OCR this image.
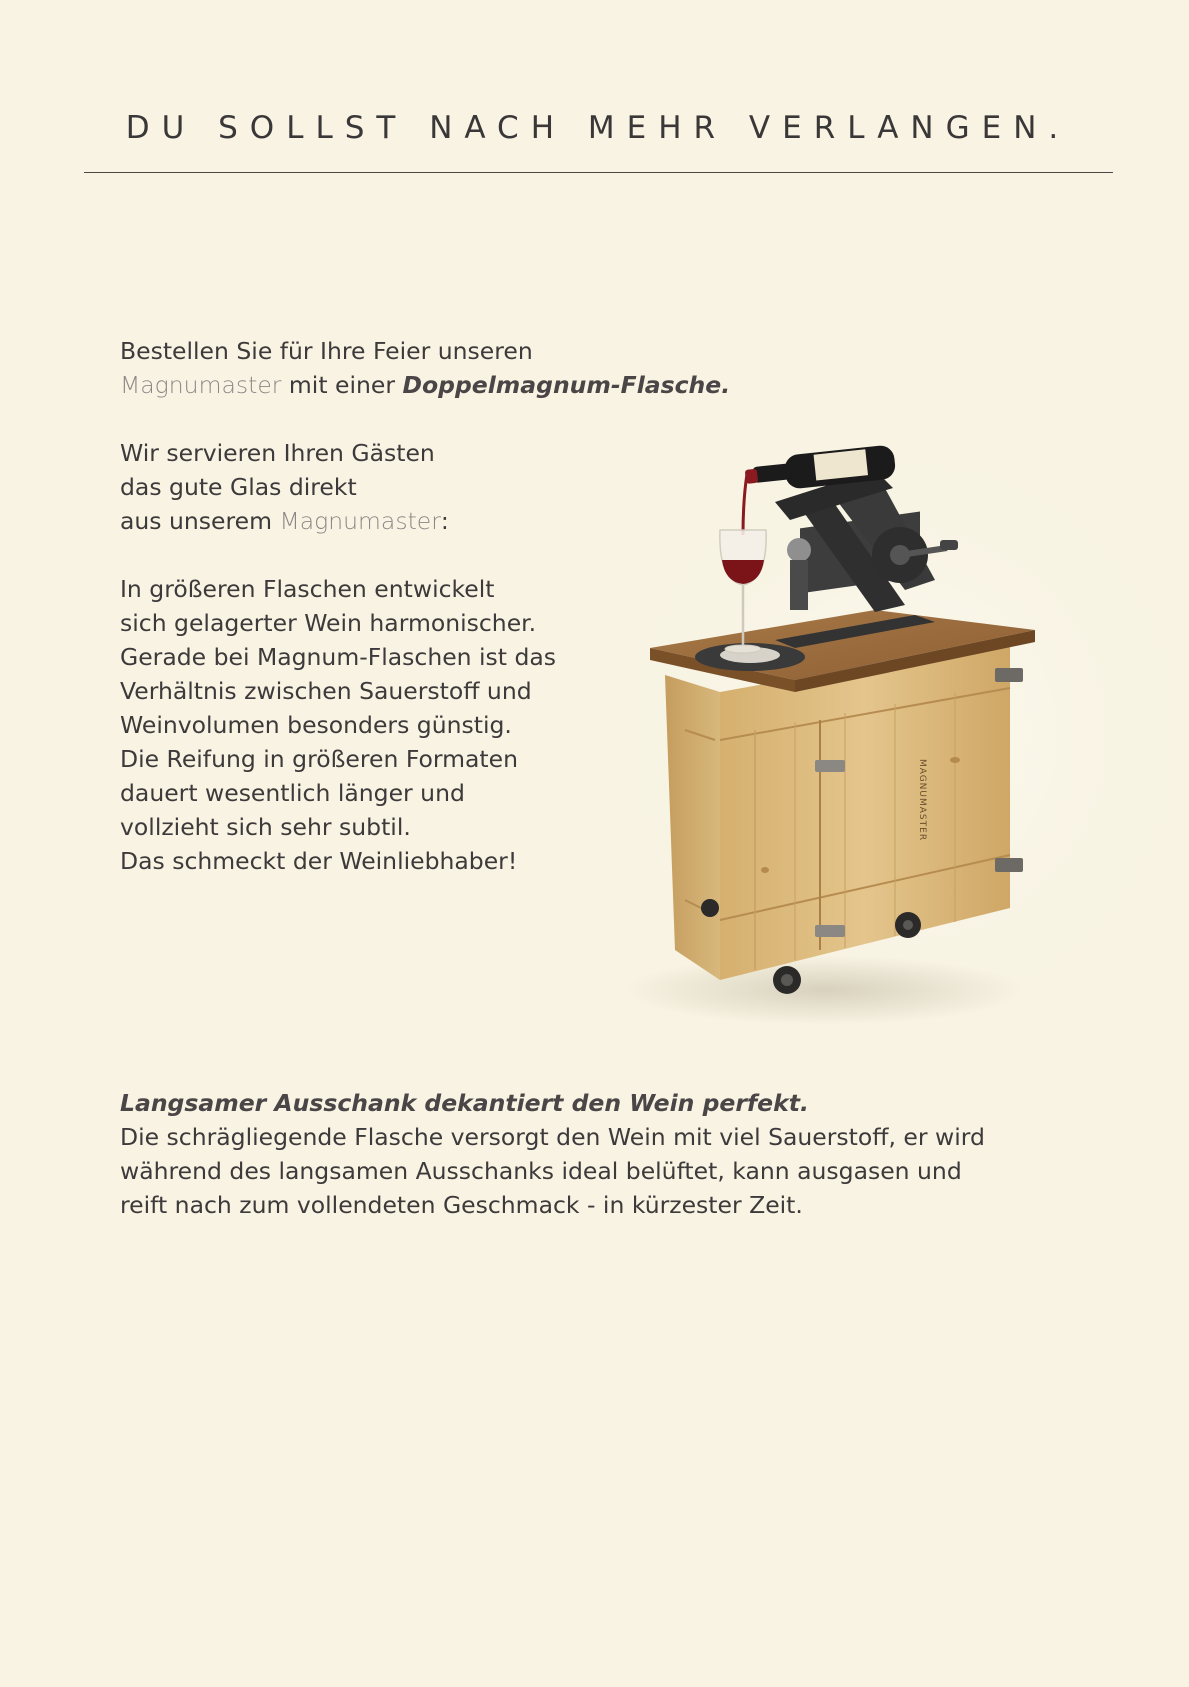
DU SOLLST NACH MEHR VERLANGEN.

Bestellen Sie für Ihre Feier unseren

Magnumaster mit einer Doppelmagnum-Flasche.

Wir servieren Ihren Gästen

das gute Glas direkt

aus unserem Magnumaster:

In größeren Flaschen entwickelt

sich gelagerter Wein harmonischer.

Gerade bei Magnum-Flaschen ist das

Verhältnis zwischen Sauerstoff und

Weinvolumen besonders günstig.

Die Reifung in größeren Formaten

dauert wesentlich länger und

vollzieht sich sehr subtil.

Das schmeckt der Weinliebhaber!

MAGNUMASTER

Langsamer Ausschank dekantiert den Wein perfekt.

Die schrägliegende Flasche versorgt den Wein mit viel Sauerstoff, er wird

während des langsamen Ausschanks ideal belüftet, kann ausgasen und

reift nach zum vollendeten Geschmack - in kürzester Zeit.
